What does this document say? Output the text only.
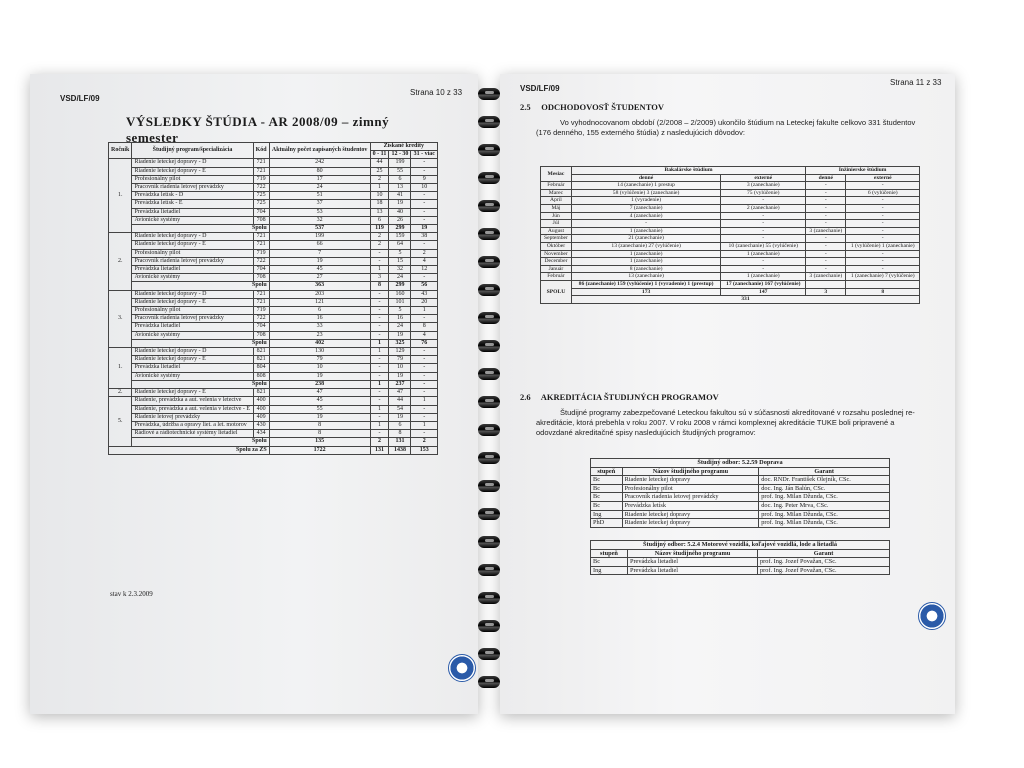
VSD/LF/09
Strana 10 z 33
VÝSLEDKY ŠTÚDIA - AR 2008/09 – zimný semester
Ročník	Študijný program/špecializácia	Kód	Aktuálny počet zapísaných študentov	Získané kredity		
				0 - 11	12 - 30	31 - viac
1.	Riadenie leteckej dopravy - D	721	242	44	199	-
	Riadenie leteckej dopravy - E	721	80	25	55	-
	Profesionálny pilot	719	17	2	6	9
	Pracovník riadenia letovej prevádzky	722	24	1	13	10
	Prevádzka letísk - D	725	51	10	41	-
	Prevádzka letísk - E	725	37	18	19	-
	Prevádzka lietadiel	704	53	13	40	-
	Avionické systémy	708	32	6	26	-
	Spolu		537	119	299	19
2.	Riadenie leteckej dopravy - D	721	199	2	159	38
	Riadenie leteckej dopravy - E	721	66	2	64	-
	Profesionálny pilot	719	7	-	5	2
	Pracovník riadenia letovej prevádzky	722	19	-	15	4
	Prevádzka lietadiel	704	45	1	32	12
	Avionické systémy	708	27	3	24	-
	Spolu		363	8	299	56
3.	Riadenie leteckej dopravy - D	721	203	-	160	43
	Riadenie leteckej dopravy - E	721	121	-	101	20
	Profesionálny pilot	719	6	-	5	1
	Pracovník riadenia letovej prevádzky	722	16	-	16	-
	Prevádzka lietadiel	704	33	-	24	8
	Avionické systémy	708	23	-	19	4
	Spolu		402	1	325	76
1.	Riadenie leteckej dopravy - D	821	130	1	129	-
	Riadenie leteckej dopravy - E	821	79	-	79	-
	Prevádzka lietadiel	804	10	-	10	-
	Avionické systémy	808	19	-	19	-
	Spolu		238	1	237	-
2.	Riadenie leteckej dopravy - E	821	47	-	47	-
5.	Riadenie, prevádzka a aut. velenia v letectve	400	45	-	44	1
	Riadenie, prevádzka a aut. velenia v letectve - E	400	55	1	54	-
	Riadenie letovej prevádzky	409	19	-	19	-
	Prevádzka, údržba a opravy liet. a let. motorov	430	8	1	6	1
	Rádiové a rádiotechnické systémy lietadiel	434	8	-	8	-
	Spolu		135	2	131	2
Spolu za ZS			1722	131	1438	153
stav k 2.3.2009
VSD/LF/09
Strana 11 z 33
2.5 ODCHODOVOSŤ ŠTUDENTOV
Vo vyhodnocovanom období (2/2008 – 2/2009) ukončilo štúdium na Leteckej fakulte celkovo 331 študentov (176 denného, 155 externého štúdia) z nasledujúcich dôvodov:
Mesiac	Bakalárske štúdium		Inžinierske štúdium	
	denné	externé	denné	externé
Február	14 (zanechanie) 1 prestup	3 (zanechanie)	-	-
Marec	58 (vylúčenie) 3 (zanechanie)	75 (vylúčenie)	-	6 (vylúčenie)
Apríl	1 (vyradenie)	-	-	-
Máj	7 (zanechanie)	2 (zanechanie)	-	-
Jún	4 (zanechanie)	-	-	-
Júl	-	-	-	-
August	1 (zanechanie)	-	3 (zanechanie)	-
September	21 (zanechanie)	-	-	-
Október	13 (zanechanie) 27 (vylúčenie)	10 (zanechanie) 55 (vylúčenie)	-	1 (vylúčenie) 1 (zanechanie)
November	1 (zanechanie)	1 (zanechanie)	-	-
December	1 (zanechanie)	-	-	-
Január	8 (zanechanie)	-	-	-
Február	13 (zanechanie)	1 (zanechanie)	3 (zanechanie)	1 (zanechanie) 7 (vylúčenie)
SPOLU	86 (zanechanie) 159 (vylúčenie) 1 (vyradenie) 1 (prestup)	17 (zanechanie) 167 (vylúčenie)		
	173	147	3	8
	331			
2.6 AKREDITÁCIA ŠTUDIJNÝCH PROGRAMOV
Študijné programy zabezpečované Leteckou fakultou sú v súčasnosti akreditované v rozsahu poslednej re-akreditácie, ktorá prebehla v roku 2007. V roku 2008 v rámci komplexnej akreditácie TUKE boli pripravené a odovzdané akreditačné spisy nasledujúcich študijných programov:
Študijný odbor: 5.2.59 Doprava		
stupeň	Názov študijného programu	Garant
Bc	Riadenie leteckej dopravy	doc. RNDr. František Olejník, CSc.
Bc	Profesionálny pilot	doc. Ing. Ján Balún, CSc.
Bc	Pracovník riadenia letovej prevádzky	prof. Ing. Milan Džunda, CSc.
Bc	Prevádzka letísk	doc. Ing. Peter Mrva, CSc.
Ing	Riadenie leteckej dopravy	prof. Ing. Milan Džunda, CSc.
PhD	Riadenie leteckej dopravy	prof. Ing. Milan Džunda, CSc.
Študijný odbor: 5.2.4 Motorové vozidlá, koľajové vozidlá, lode a lietadlá		
stupeň	Názov študijného programu	Garant
Bc	Prevádzka lietadiel	prof. Ing. Jozef Považan, CSc.
Ing	Prevádzka lietadiel	prof. Ing. Jozef Považan, CSc.
